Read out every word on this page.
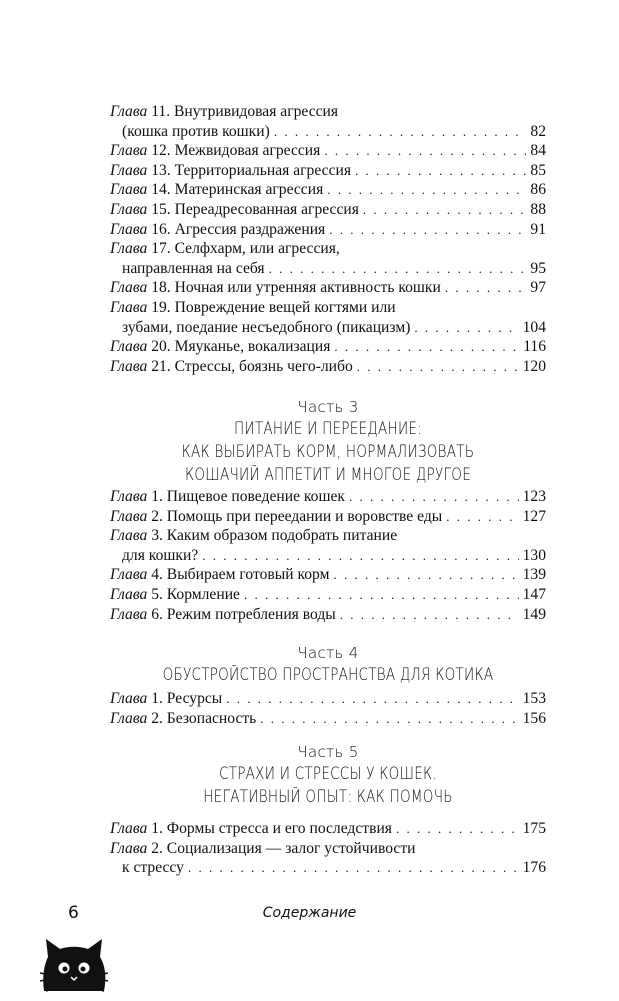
Глава
11. Внутривидовая агрессия
(кошка против кошки) . . .	82
Глава
12. Межвидовая агрессия . . .	84
Глава
13. Территориальная агрессия . . .	85
Глава
14. Материнская агрессия . . .	86
Глава
15. Переадресованная агрессия . . .	88
Глава
16. Агрессия раздражения . . .	91
Глава
17. Селфхарм, или агрессия,
направленная на себя . . .	95
Глава
18. Ночная или утренняя активность кошки . . .	97
Глава
19. Повреждение вещей когтями или
зубами, поедание несъедобного (пикацизм) . . .	104
Глава
20. Мяуканье, вокализация . . .	116
Глава
21. Стрессы, боязнь чего-либо . . .	120
Часть 3
ПИТАНИЕ И ПЕРЕЕДАНИЕ:
КАК ВЫБИРАТЬ КОРМ, НОРМАЛИЗОВАТЬ
КОШАЧИЙ АППЕТИТ И МНОГОЕ ДРУГОЕ
Глава
1. Пищевое поведение кошек . . .	123
Глава
2. Помощь при переедании и воровстве еды . . .	127
Глава
3. Каким образом подобрать питание
для кошки? . . .	130
Глава
4. Выбираем готовый корм . . .	139
Глава
5. Кормление . . .	147
Глава
6. Режим потребления воды . . .	149
Часть 4
ОБУСТРОЙСТВО ПРОСТРАНСТВА ДЛЯ КОТИКА
Глава
1. Ресурсы . . .	153
Глава
2. Безопасность . . .	156
Часть 5
СТРАХИ И СТРЕССЫ У КОШЕК.
НЕГАТИВНЫЙ ОПЫТ: КАК ПОМОЧЬ
Глава
1. Формы стресса и его последствия . . .	175
Глава
2. Социализация — залог устойчивости
к стрессу . . .	176
6	Содержание
